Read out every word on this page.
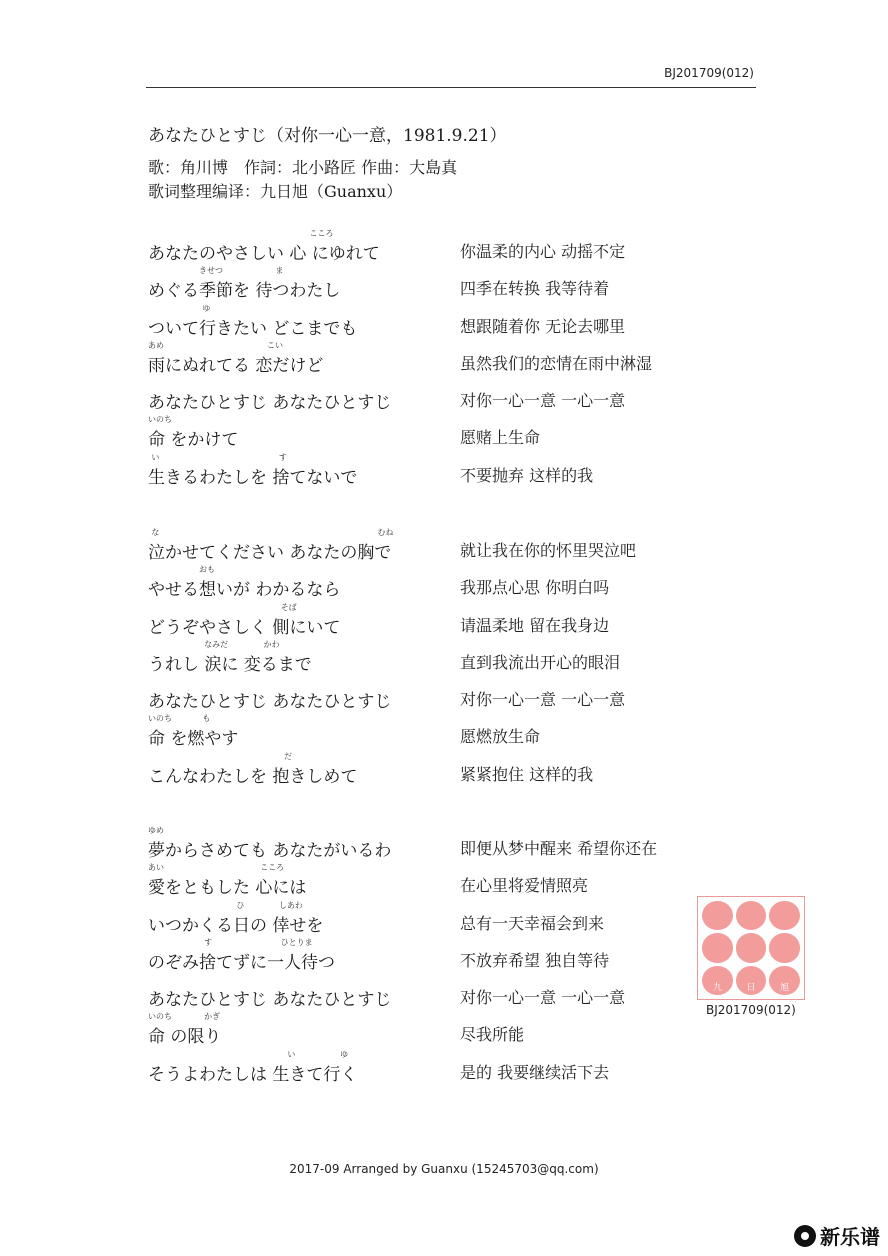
BJ201709(012)
あなたひとすじ（对你一心一意，1981.9.21）
歌：角川博　作詞：北小路匠 作曲：大島真
歌词整理编译：九日旭（Guanxu）
こころ
あなたのやさしい 心 にゆれて	你温柔的内心 动摇不定
きせつ	ま
めぐる季節を 待つわたし	四季在转换 我等待着
ゆ
ついて行きたい どこまでも	想跟随着你 无论去哪里
あめ	こい
雨にぬれてる 恋だけど	虽然我们的恋情在雨中淋湿
あなたひとすじ あなたひとすじ	对你一心一意 一心一意
いのち
命 をかけて	愿赌上生命
い	す
生きるわたしを 捨てないで	不要抛弃 这样的我
な	むね
泣かせてください あなたの胸で	就让我在你的怀里哭泣吧
おも
やせる想いが わかるなら	我那点心思 你明白吗
そば
どうぞやさしく 側にいて	请温柔地 留在我身边
なみだ	かわ
うれし 涙に 変るまで	直到我流出开心的眼泪
あなたひとすじ あなたひとすじ	对你一心一意 一心一意
いのち	も
命 を燃やす	愿燃放生命
だ
こんなわたしを 抱きしめて	紧紧抱住 这样的我
ゆめ
夢からさめても あなたがいるわ	即便从梦中醒来 希望你还在
あい	こころ
愛をともした 心には	在心里将爱情照亮
ひ	しあわ
いつかくる日の 倖せを	总有一天幸福会到来
す	ひとりま
のぞみ捨てずに一人待つ	不放弃希望 独自等待
あなたひとすじ あなたひとすじ	对你一心一意 一心一意
いのち	かぎ
命 の限り	尽我所能
い	ゆ
そうよわたしは 生きて行く	是的 我要继续活下去
九	日	旭
BJ201709(012)
2017-09 Arranged by Guanxu (15245703@qq.com)
新乐谱
